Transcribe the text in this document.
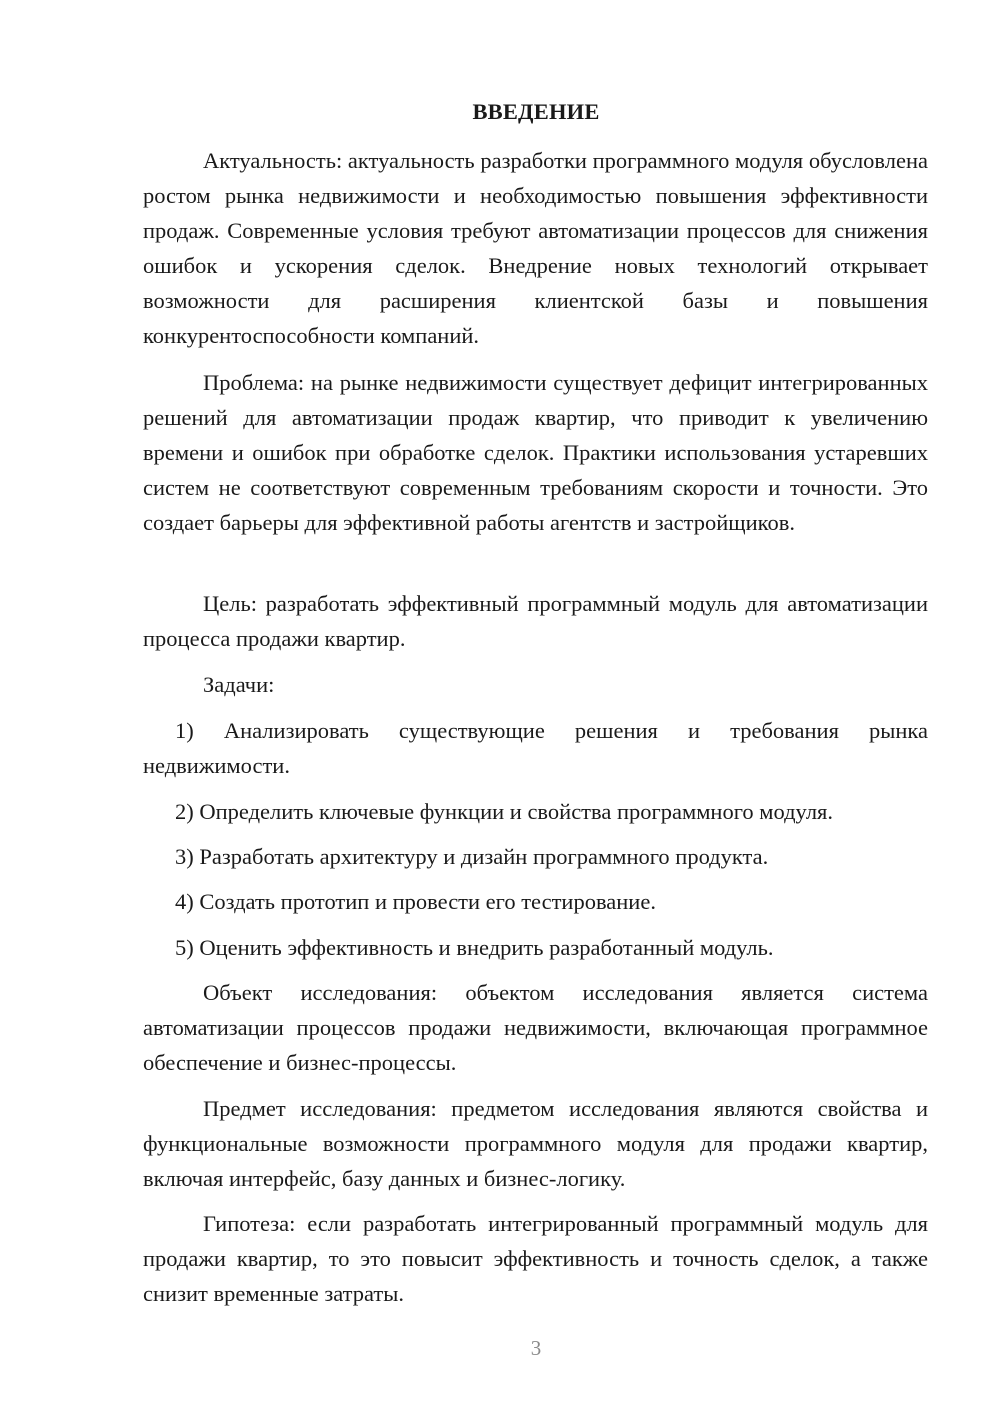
ВВЕДЕНИЕ

Актуальность: актуальность разработки программного модуля обусловлена ростом рынка недвижимости и необходимостью повышения эффективности продаж. Современные условия требуют автоматизации процессов для снижения ошибок и ускорения сделок. Внедрение новых технологий открывает возможности для расширения клиентской базы и повышения конкурентоспособности компаний.

Проблема: на рынке недвижимости существует дефицит интегрированных решений для автоматизации продаж квартир, что приводит к увеличению времени и ошибок при обработке сделок. Практики использования устаревших систем не соответствуют современным требованиям скорости и точности. Это создает барьеры для эффективной работы агентств и застройщиков.

Цель: разработать эффективный программный модуль для автоматизации процесса продажи квартир.

Задачи:

1) Анализировать существующие решения и требования рынка недвижимости.

2) Определить ключевые функции и свойства программного модуля.

3) Разработать архитектуру и дизайн программного продукта.

4) Создать прототип и провести его тестирование.

5) Оценить эффективность и внедрить разработанный модуль.

Объект исследования: объектом исследования является система автоматизации процессов продажи недвижимости, включающая программное обеспечение и бизнес-процессы.

Предмет исследования: предметом исследования являются свойства и функциональные возможности программного модуля для продажи квартир, включая интерфейс, базу данных и бизнес-логику.

Гипотеза: если разработать интегрированный программный модуль для продажи квартир, то это повысит эффективность и точность сделок, а также снизит временные затраты.

3
